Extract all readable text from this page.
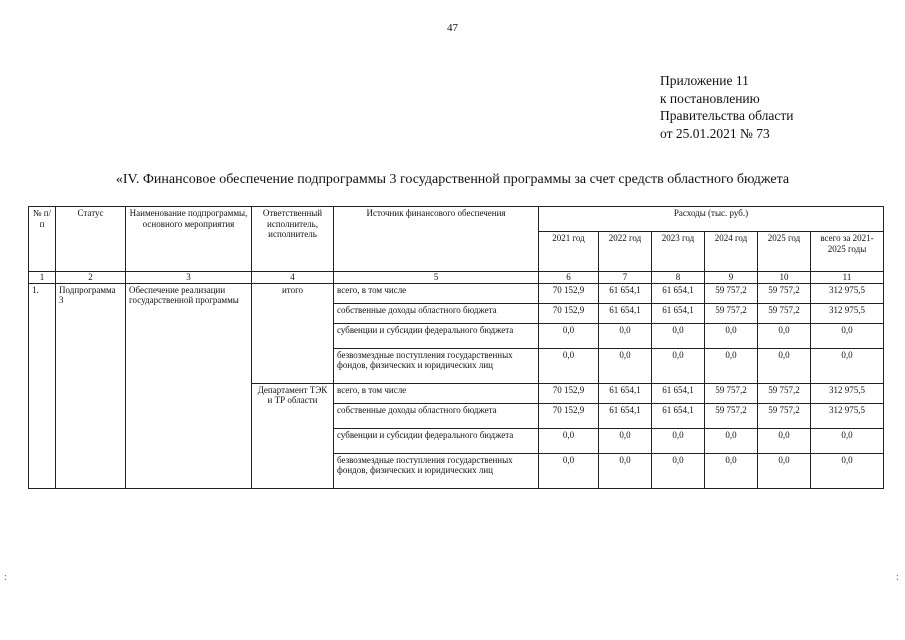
47
Приложение 11
к постановлению
Правительства области
от 25.01.2021 № 73
«IV. Финансовое обеспечение подпрограммы 3 государственной программы за счет средств областного бюджета
№ п/п	Статус	Наименование подпрограммы, основного мероприятия	Ответственный исполнитель, исполнитель	Источник финансового обеспечения	Расходы (тыс. руб.)					
					2021 год	2022 год	2023 год	2024 год	2025 год	всего за 2021-2025 годы
1	2	3	4	5	6	7	8	9	10	11
1.	Подпрограмма 3	Обеспечение реализации государственной программы	итого	всего, в том числе	70 152,9	61 654,1	61 654,1	59 757,2	59 757,2	312 975,5
				собственные доходы областного бюджета	70 152,9	61 654,1	61 654,1	59 757,2	59 757,2	312 975,5
				субвенции и субсидии федерального бюджета	0,0	0,0	0,0	0,0	0,0	0,0
				безвозмездные поступления государственных фондов, физических и юридических лиц	0,0	0,0	0,0	0,0	0,0	0,0
			Департамент ТЭК и ТР области	всего, в том числе	70 152,9	61 654,1	61 654,1	59 757,2	59 757,2	312 975,5
				собственные доходы областного бюджета	70 152,9	61 654,1	61 654,1	59 757,2	59 757,2	312 975,5
				субвенции и субсидии федерального бюджета	0,0	0,0	0,0	0,0	0,0	0,0
				безвозмездные поступления государственных фондов, физических и юридических лиц	0,0	0,0	0,0	0,0	0,0	0,0
:	:
